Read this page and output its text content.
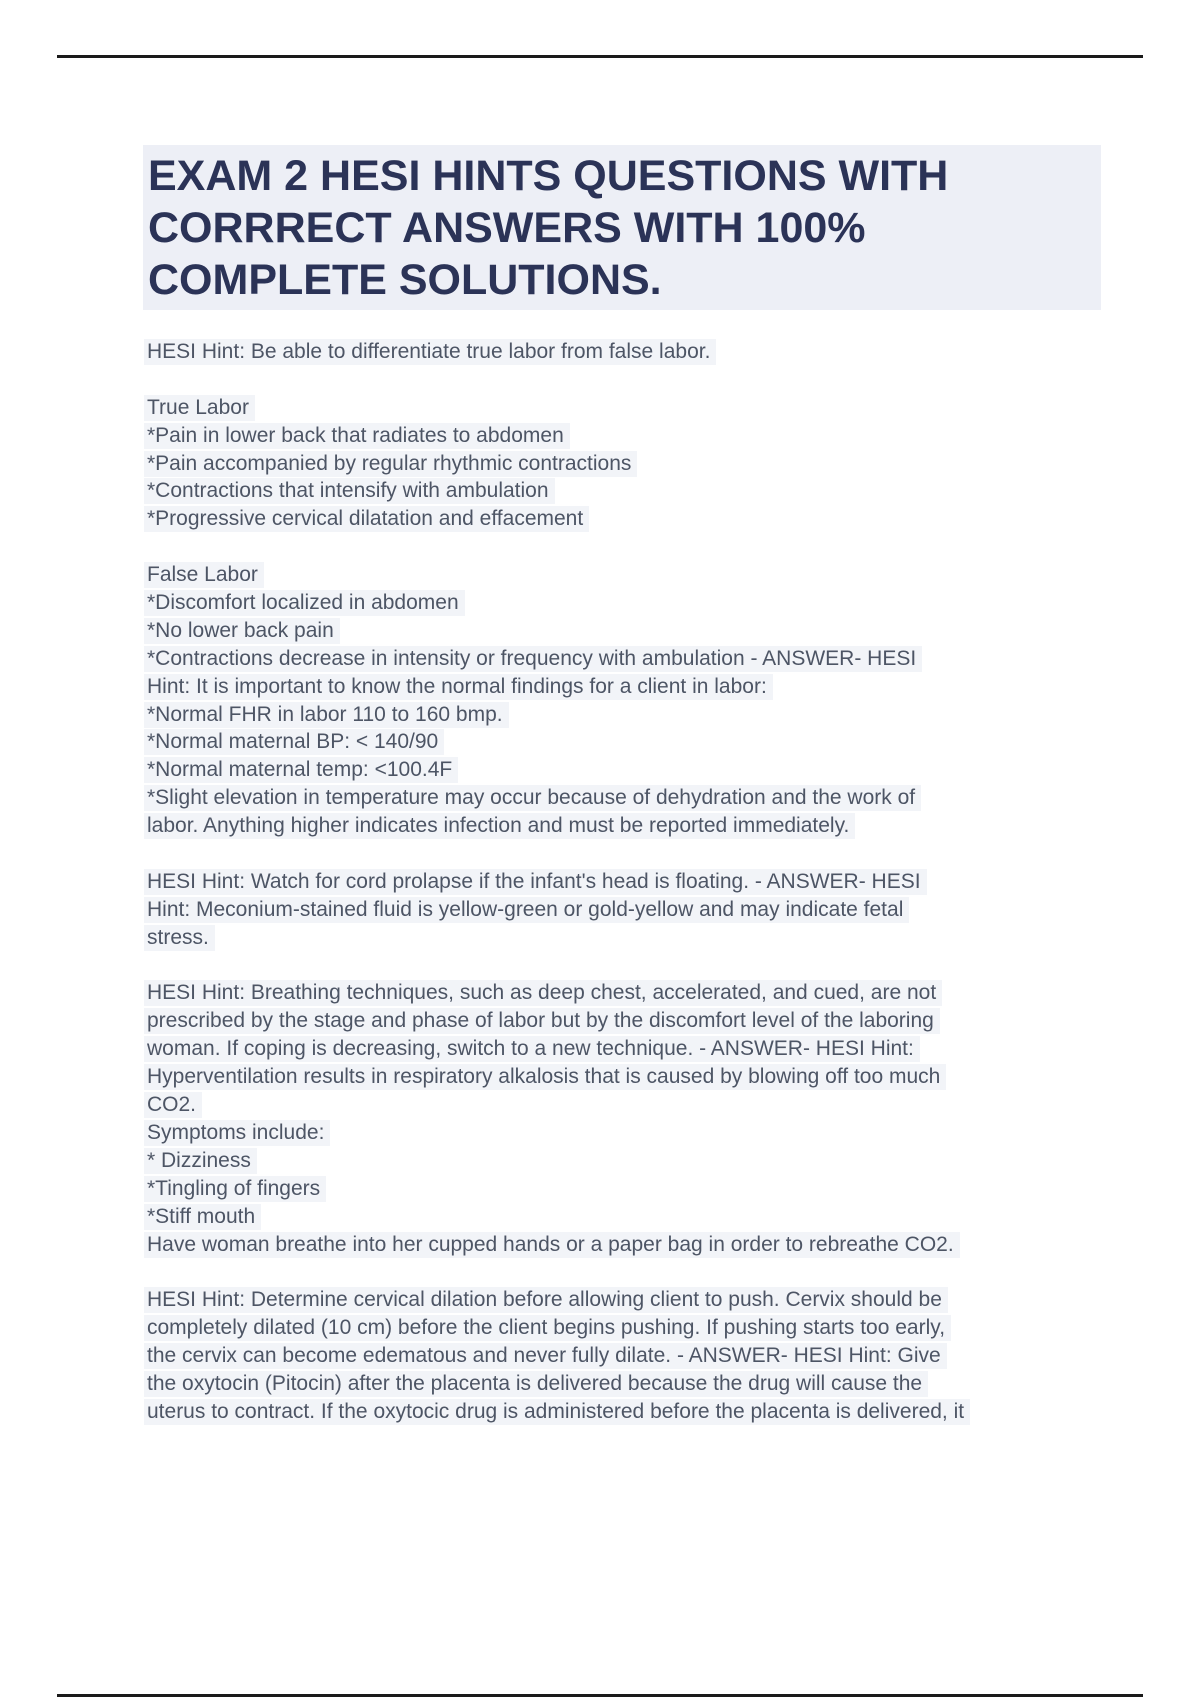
EXAM 2 HESI HINTS QUESTIONS WITH
CORRRECT ANSWERS WITH 100%
COMPLETE SOLUTIONS.
HESI Hint: Be able to differentiate true labor from false labor.
True Labor
*Pain in lower back that radiates to abdomen
*Pain accompanied by regular rhythmic contractions
*Contractions that intensify with ambulation
*Progressive cervical dilatation and effacement
False Labor
*Discomfort localized in abdomen
*No lower back pain
*Contractions decrease in intensity or frequency with ambulation - ANSWER- HESI
Hint: It is important to know the normal findings for a client in labor:
*Normal FHR in labor 110 to 160 bmp.
*Normal maternal BP: < 140/90
*Normal maternal temp: <100.4F
*Slight elevation in temperature may occur because of dehydration and the work of
labor. Anything higher indicates infection and must be reported immediately.
HESI Hint: Watch for cord prolapse if the infant's head is floating. - ANSWER- HESI
Hint: Meconium-stained fluid is yellow-green or gold-yellow and may indicate fetal
stress.
HESI Hint: Breathing techniques, such as deep chest, accelerated, and cued, are not
prescribed by the stage and phase of labor but by the discomfort level of the laboring
woman. If coping is decreasing, switch to a new technique. - ANSWER- HESI Hint:
Hyperventilation results in respiratory alkalosis that is caused by blowing off too much
CO2.
Symptoms include:
* Dizziness
*Tingling of fingers
*Stiff mouth
Have woman breathe into her cupped hands or a paper bag in order to rebreathe CO2.
HESI Hint: Determine cervical dilation before allowing client to push. Cervix should be
completely dilated (10 cm) before the client begins pushing. If pushing starts too early,
the cervix can become edematous and never fully dilate. - ANSWER- HESI Hint: Give
the oxytocin (Pitocin) after the placenta is delivered because the drug will cause the
uterus to contract. If the oxytocic drug is administered before the placenta is delivered, it
